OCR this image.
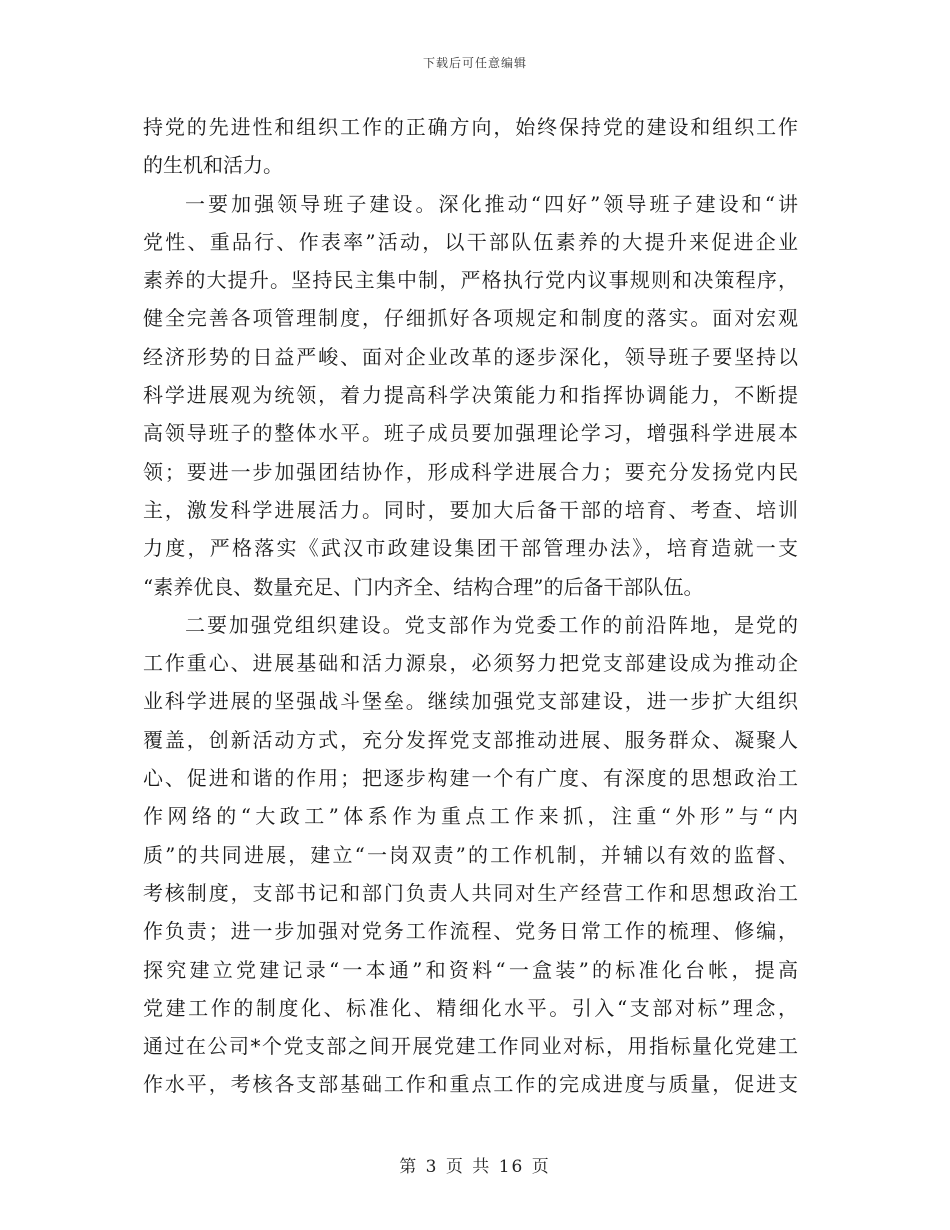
下载后可任意编辑
持党的先进性和组织工作的正确方向，始终保持党的建设和组织工作
的生机和活力。
一要加强领导班子建设。深化推动“四好”领导班子建设和“讲
党性、重品行、作表率”活动，以干部队伍素养的大提升来促进企业
素养的大提升。坚持民主集中制，严格执行党内议事规则和决策程序，
健全完善各项管理制度，仔细抓好各项规定和制度的落实。面对宏观
经济形势的日益严峻、面对企业改革的逐步深化，领导班子要坚持以
科学进展观为统领，着力提高科学决策能力和指挥协调能力，不断提
高领导班子的整体水平。班子成员要加强理论学习，增强科学进展本
领；要进一步加强团结协作，形成科学进展合力；要充分发扬党内民
主，激发科学进展活力。同时，要加大后备干部的培育、考查、培训
力度，严格落实《武汉市政建设集团干部管理办法》，培育造就一支
“素养优良、数量充足、门内齐全、结构合理”的后备干部队伍。
二要加强党组织建设。党支部作为党委工作的前沿阵地，是党的
工作重心、进展基础和活力源泉，必须努力把党支部建设成为推动企
业科学进展的坚强战斗堡垒。继续加强党支部建设，进一步扩大组织
覆盖，创新活动方式，充分发挥党支部推动进展、服务群众、凝聚人
心、促进和谐的作用；把逐步构建一个有广度、有深度的思想政治工
作网络的“大政工”体系作为重点工作来抓，注重“外形”与“内
质”的共同进展，建立“一岗双责”的工作机制，并辅以有效的监督、
考核制度，支部书记和部门负责人共同对生产经营工作和思想政治工
作负责；进一步加强对党务工作流程、党务日常工作的梳理、修编，
探究建立党建记录“一本通”和资料“一盒装”的标准化台帐，提高
党建工作的制度化、标准化、精细化水平。引入“支部对标”理念，
通过在公司*个党支部之间开展党建工作同业对标，用指标量化党建工
作水平，考核各支部基础工作和重点工作的完成进度与质量，促进支
第 3 页 共 16 页
